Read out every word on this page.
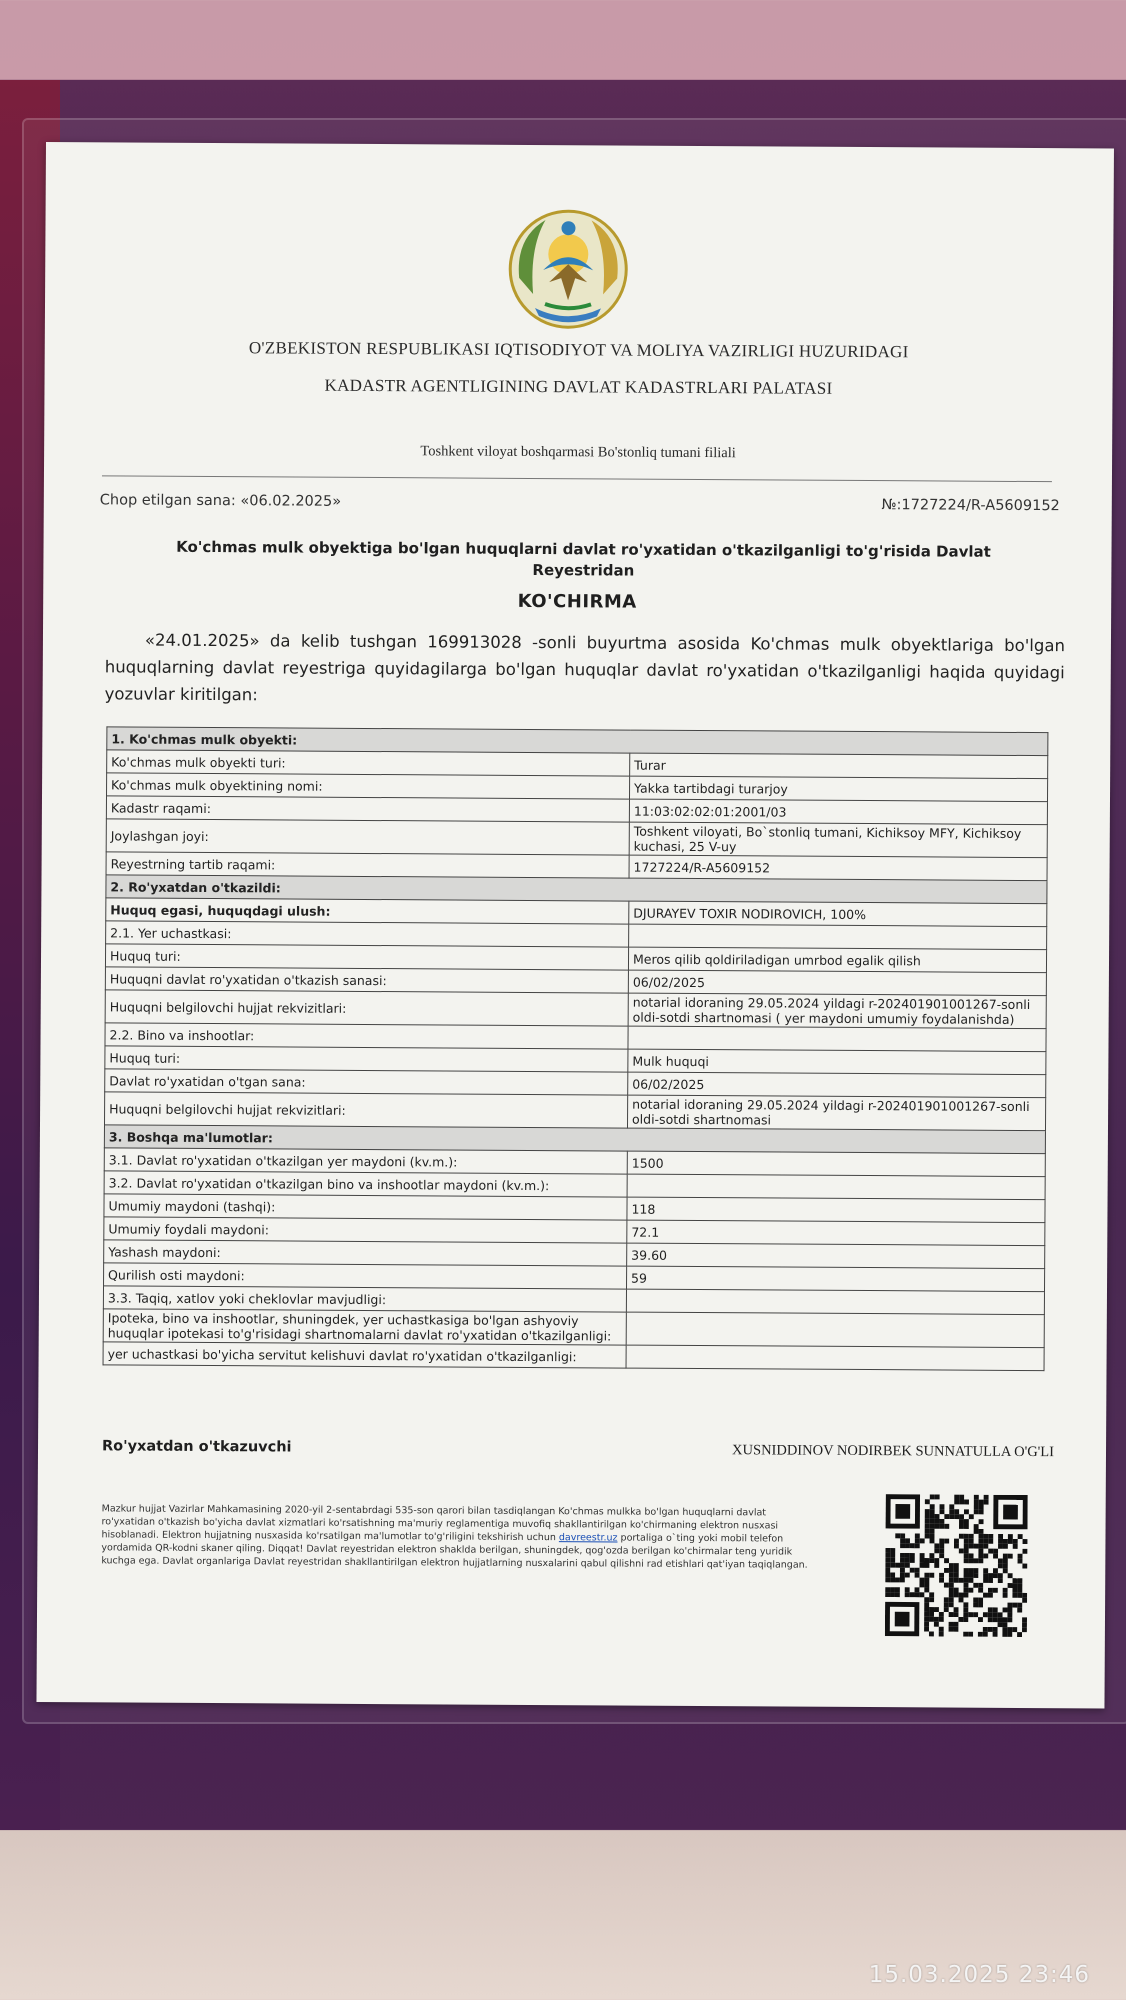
O'ZBEKISTON RESPUBLIKASI IQTISODIYOT VA MOLIYA VAZIRLIGI HUZURIDAGI
KADASTR AGENTLIGINING DAVLAT KADASTRLARI PALATASI
Toshkent viloyat boshqarmasi Bo'stonliq tumani filiali
Chop etilgan sana: «06.02.2025»	№:1727224/R-A5609152
Ko'chmas mulk obyektiga bo'lgan huquqlarni davlat ro'yxatidan o'tkazilganligi to'g'risida Davlat Reyestridan
KO'CHIRMA
«24.01.2025» da kelib tushgan 169913028 -sonli buyurtma asosida Ko'chmas mulk obyektlariga bo'lgan huquqlarning davlat reyestriga quyidagilarga bo'lgan huquqlar davlat ro'yxatidan o'tkazilganligi haqida quyidagi yozuvlar kiritilgan:
1. Ko'chmas mulk obyekti:	
Ko'chmas mulk obyekti turi:	Turar
Ko'chmas mulk obyektining nomi:	Yakka tartibdagi turarjoy
Kadastr raqami:	11:03:02:02:01:2001/03
Joylashgan joyi:	Toshkent viloyati, Bo`stonliq tumani, Kichiksoy MFY, Kichiksoy kuchasi, 25 V-uy
Reyestrning tartib raqami:	1727224/R-A5609152
2. Ro'yxatdan o'tkazildi:	
Huquq egasi, huquqdagi ulush:	DJURAYEV TOXIR NODIROVICH, 100%
2.1. Yer uchastkasi:	
Huquq turi:	Meros qilib qoldiriladigan umrbod egalik qilish
Huquqni davlat ro'yxatidan o'tkazish sanasi:	06/02/2025
Huquqni belgilovchi hujjat rekvizitlari:	notarial idoraning 29.05.2024 yildagi r-202401901001267-sonli oldi-sotdi shartnomasi ( yer maydoni umumiy foydalanishda)
2.2. Bino va inshootlar:	
Huquq turi:	Mulk huquqi
Davlat ro'yxatidan o'tgan sana:	06/02/2025
Huquqni belgilovchi hujjat rekvizitlari:	notarial idoraning 29.05.2024 yildagi r-202401901001267-sonli oldi-sotdi shartnomasi
3. Boshqa ma'lumotlar:	
3.1. Davlat ro'yxatidan o'tkazilgan yer maydoni (kv.m.):	1500
3.2. Davlat ro'yxatidan o'tkazilgan bino va inshootlar maydoni (kv.m.):	
Umumiy maydoni (tashqi):	118
Umumiy foydali maydoni:	72.1
Yashash maydoni:	39.60
Qurilish osti maydoni:	59
3.3. Taqiq, xatlov yoki cheklovlar mavjudligi:	
Ipoteka, bino va inshootlar, shuningdek, yer uchastkasiga bo'lgan ashyoviy huquqlar ipotekasi to'g'risidagi shartnomalarni davlat ro'yxatidan o'tkazilganligi:	
yer uchastkasi bo'yicha servitut kelishuvi davlat ro'yxatidan o'tkazilganligi:	
Ro'yxatdan o'tkazuvchi	XUSNIDDINOV NODIRBEK SUNNATULLA O'G'LI
Mazkur hujjat Vazirlar Mahkamasining 2020-yil 2-sentabrdagi 535-son qarori bilan tasdiqlangan Ko'chmas mulkka bo'lgan huquqlarni davlat ro'yxatidan o'tkazish bo'yicha davlat xizmatlari ko'rsatishning ma'muriy reglamentiga muvofiq shakllantirilgan ko'chirmaning elektron nusxasi hisoblanadi. Elektron hujjatning nusxasida ko'rsatilgan ma'lumotlar to'g'riligini tekshirish uchun davreestr.uz portaliga o`ting yoki mobil telefon yordamida QR-kodni skaner qiling. Diqqat! Davlat reyestridan elektron shaklda berilgan, shuningdek, qog'ozda berilgan ko'chirmalar teng yuridik kuchga ega. Davlat organlariga Davlat reyestridan shakllantirilgan elektron hujjatlarning nusxalarini qabul qilishni rad etishlari qat'iyan taqiqlangan.
15.03.2025 23:46
